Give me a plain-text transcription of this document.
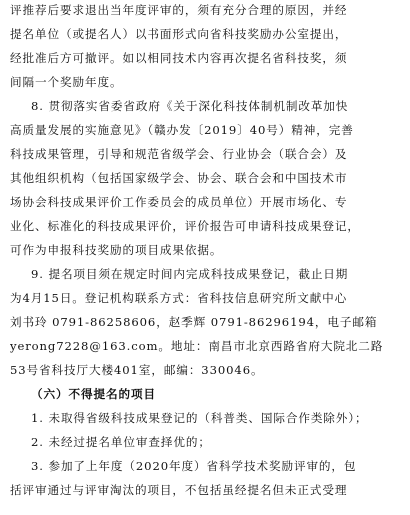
评推荐后要求退出当年度评审的，须有充分合理的原因，并经
提名单位（或提名人）以书面形式向省科技奖励办公室提出，
经批准后方可撤评。如以相同技术内容再次提名省科技奖，须
间隔一个奖励年度。
8. 贯彻落实省委省政府《关于深化科技体制机制改革加快
高质量发展的实施意见》（赣办发〔2019〕40号）精神，完善
科技成果管理，引导和规范省级学会、行业协会（联合会）及
其他组织机构（包括国家级学会、协会、联合会和中国技术市
场协会科技成果评价工作委员会的成员单位）开展市场化、专
业化、标准化的科技成果评价，评价报告可申请科技成果登记，
可作为申报科技奖励的项目成果依据。
9. 提名项目须在规定时间内完成科技成果登记，截止日期
为4月15日。登记机构联系方式：省科技信息研究所文献中心
刘书玲 0791-86258606，赵季辉 0791-86296194，电子邮箱
yerong7228@163.com。地址：南昌市北京西路省府大院北二路
53号省科技厅大楼401室，邮编：330046。
（六）不得提名的项目
1. 未取得省级科技成果登记的（科普类、国际合作类除外）；
2. 未经过提名单位审查择优的；
3. 参加了上年度（2020年度）省科学技术奖励评审的，包
括评审通过与评审淘汰的项目，不包括虽经提名但未正式受理
